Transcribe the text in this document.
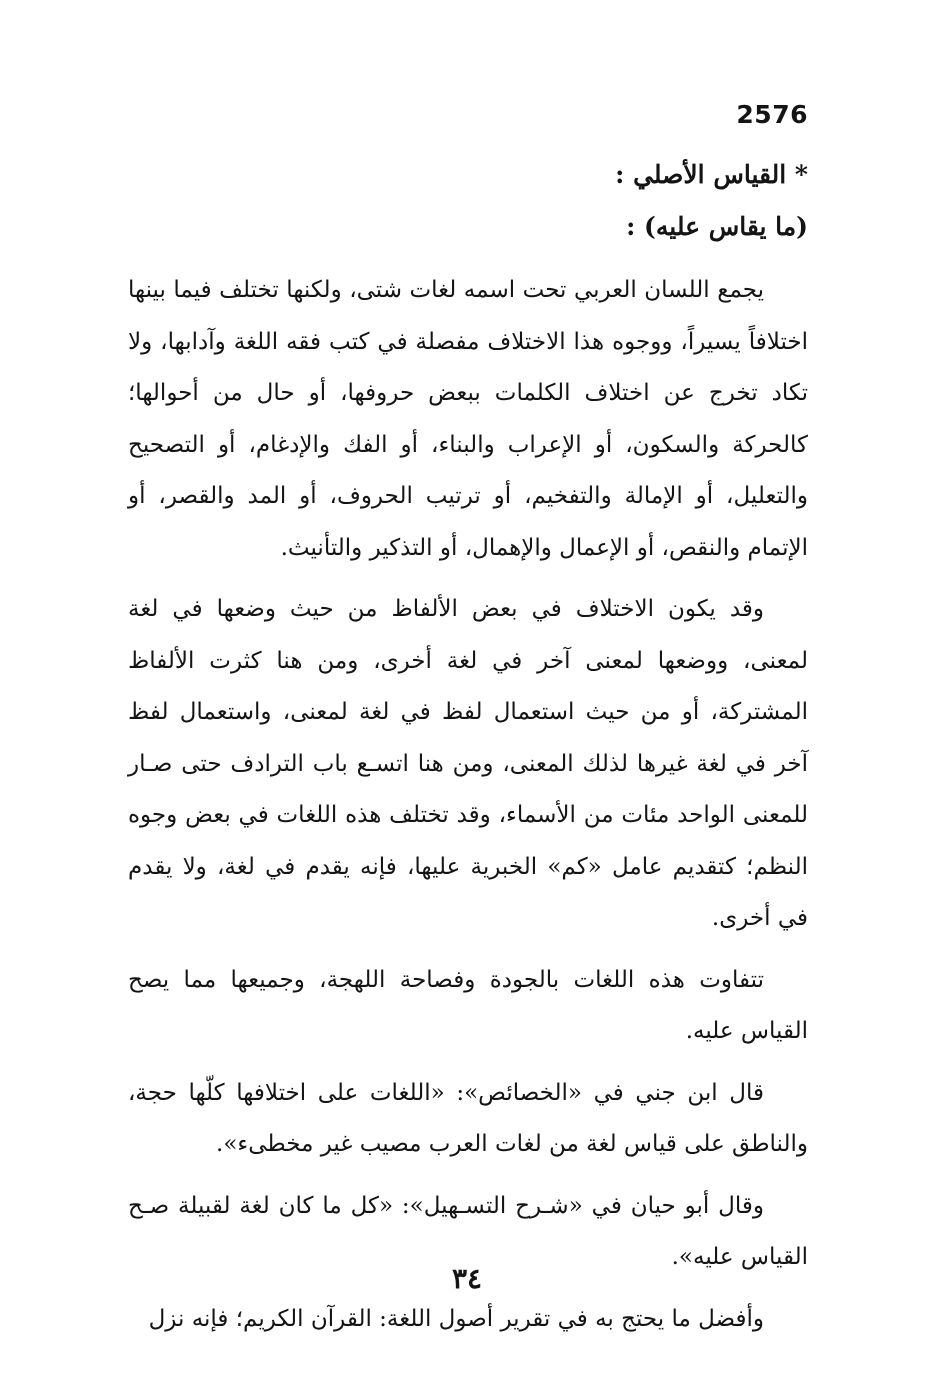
2576
* القياس الأصلي :
(ما يقاس عليه) :

يجمع اللسان العربي تحت اسمه لغات شتى، ولكنها تختلف فيما بينها اختلافاً يسيراً، ووجوه هذا الاختلاف مفصلة في كتب فقه اللغة وآدابها، ولا تكاد تخرج عن اختلاف الكلمات ببعض حروفها، أو حال من أحوالها؛ كالحركة والسكون، أو الإعراب والبناء، أو الفك والإدغام، أو التصحيح والتعليل، أو الإمالة والتفخيم، أو ترتيب الحروف، أو المد والقصر، أو الإتمام والنقص، أو الإعمال والإهمال، أو التذكير والتأنيث.

وقد يكون الاختلاف في بعض الألفاظ من حيث وضعها في لغة لمعنى، ووضعها لمعنى آخر في لغة أخرى، ومن هنا كثرت الألفاظ المشتركة، أو من حيث استعمال لفظ في لغة لمعنى، واستعمال لفظ آخر في لغة غيرها لذلك المعنى، ومن هنا اتسـع باب الترادف حتى صـار للمعنى الواحد مئات من الأسماء، وقد تختلف هذه اللغات في بعض وجوه النظم؛ كتقديم عامل «كم» الخبرية عليها، فإنه يقدم في لغة، ولا يقدم في أخرى.

تتفاوت هذه اللغات بالجودة وفصاحة اللهجة، وجميعها مما يصح القياس عليه.

قال ابن جني في «الخصائص»: «اللغات على اختلافها كلّها حجة، والناطق على قياس لغة من لغات العرب مصيب غير مخطىء».

وقال أبو حيان في «شـرح التسـهيل»: «كل ما كان لغة لقبيلة صـح القياس عليه».

وأفضل ما يحتج به في تقرير أصول اللغة: القرآن الكريم؛ فإنه نزل

٣٤
